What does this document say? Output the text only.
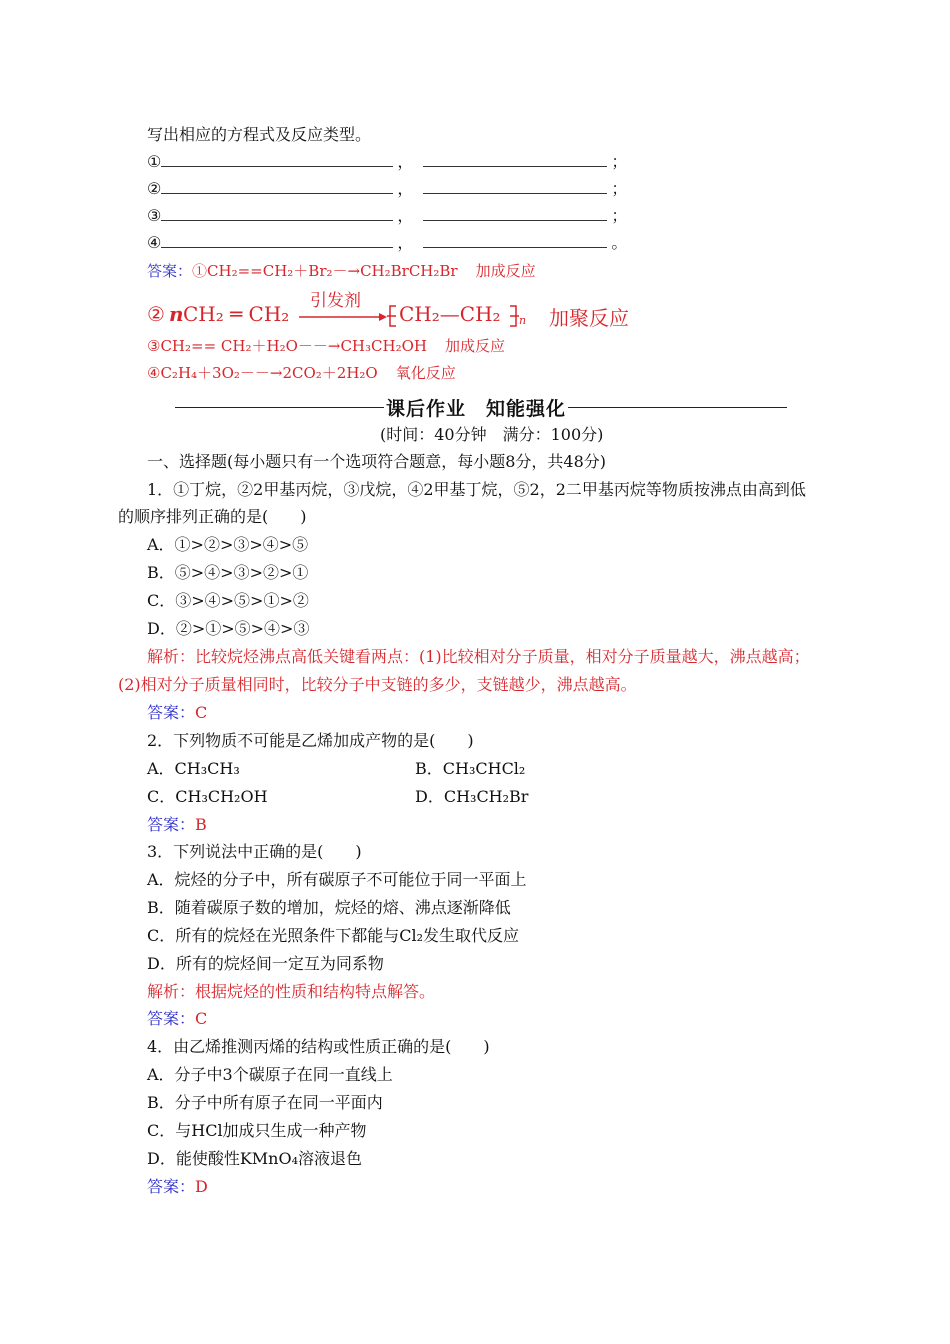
写出相应的方程式及反应类型。
①	，	；
②	，	；
③	，	；
④	，	。
答案：①CH₂==CH₂＋Br₂－→CH₂BrCH₂Br 加成反应
② n CH₂ ═ CH₂
引发剂
CH₂—CH₂ n 加聚反应
③CH₂== CH₂＋H₂O－－→CH₃CH₂OH 加成反应
④C₂H₄＋3O₂－－→2CO₂＋2H₂O 氧化反应
课后作业　知能强化
(时间：40分钟　满分：100分)
一、选择题(每小题只有一个选项符合题意，每小题8分，共48分)
1．①丁烷，②2甲基丙烷，③戊烷，④2甲基丁烷，⑤2，2二甲基丙烷等物质按沸点由高到低
的顺序排列正确的是(　　)
A．①>②>③>④>⑤
B．⑤>④>③>②>①
C．③>④>⑤>①>②
D．②>①>⑤>④>③
解析：比较烷烃沸点高低关键看两点：(1)比较相对分子质量，相对分子质量越大，沸点越高；
(2)相对分子质量相同时，比较分子中支链的多少，支链越少，沸点越高。
答案：C
2．下列物质不可能是乙烯加成产物的是(　　)
A．CH₃CH₃	B．CH₃CHCl₂
C．CH₃CH₂OH	D．CH₃CH₂Br
答案：B
3．下列说法中正确的是(　　)
A．烷烃的分子中，所有碳原子不可能位于同一平面上
B．随着碳原子数的增加，烷烃的熔、沸点逐渐降低
C．所有的烷烃在光照条件下都能与Cl₂发生取代反应
D．所有的烷烃间一定互为同系物
解析：根据烷烃的性质和结构特点解答。
答案：C
4．由乙烯推测丙烯的结构或性质正确的是(　　)
A．分子中3个碳原子在同一直线上
B．分子中所有原子在同一平面内
C．与HCl加成只生成一种产物
D．能使酸性KMnO₄溶液退色
答案：D
